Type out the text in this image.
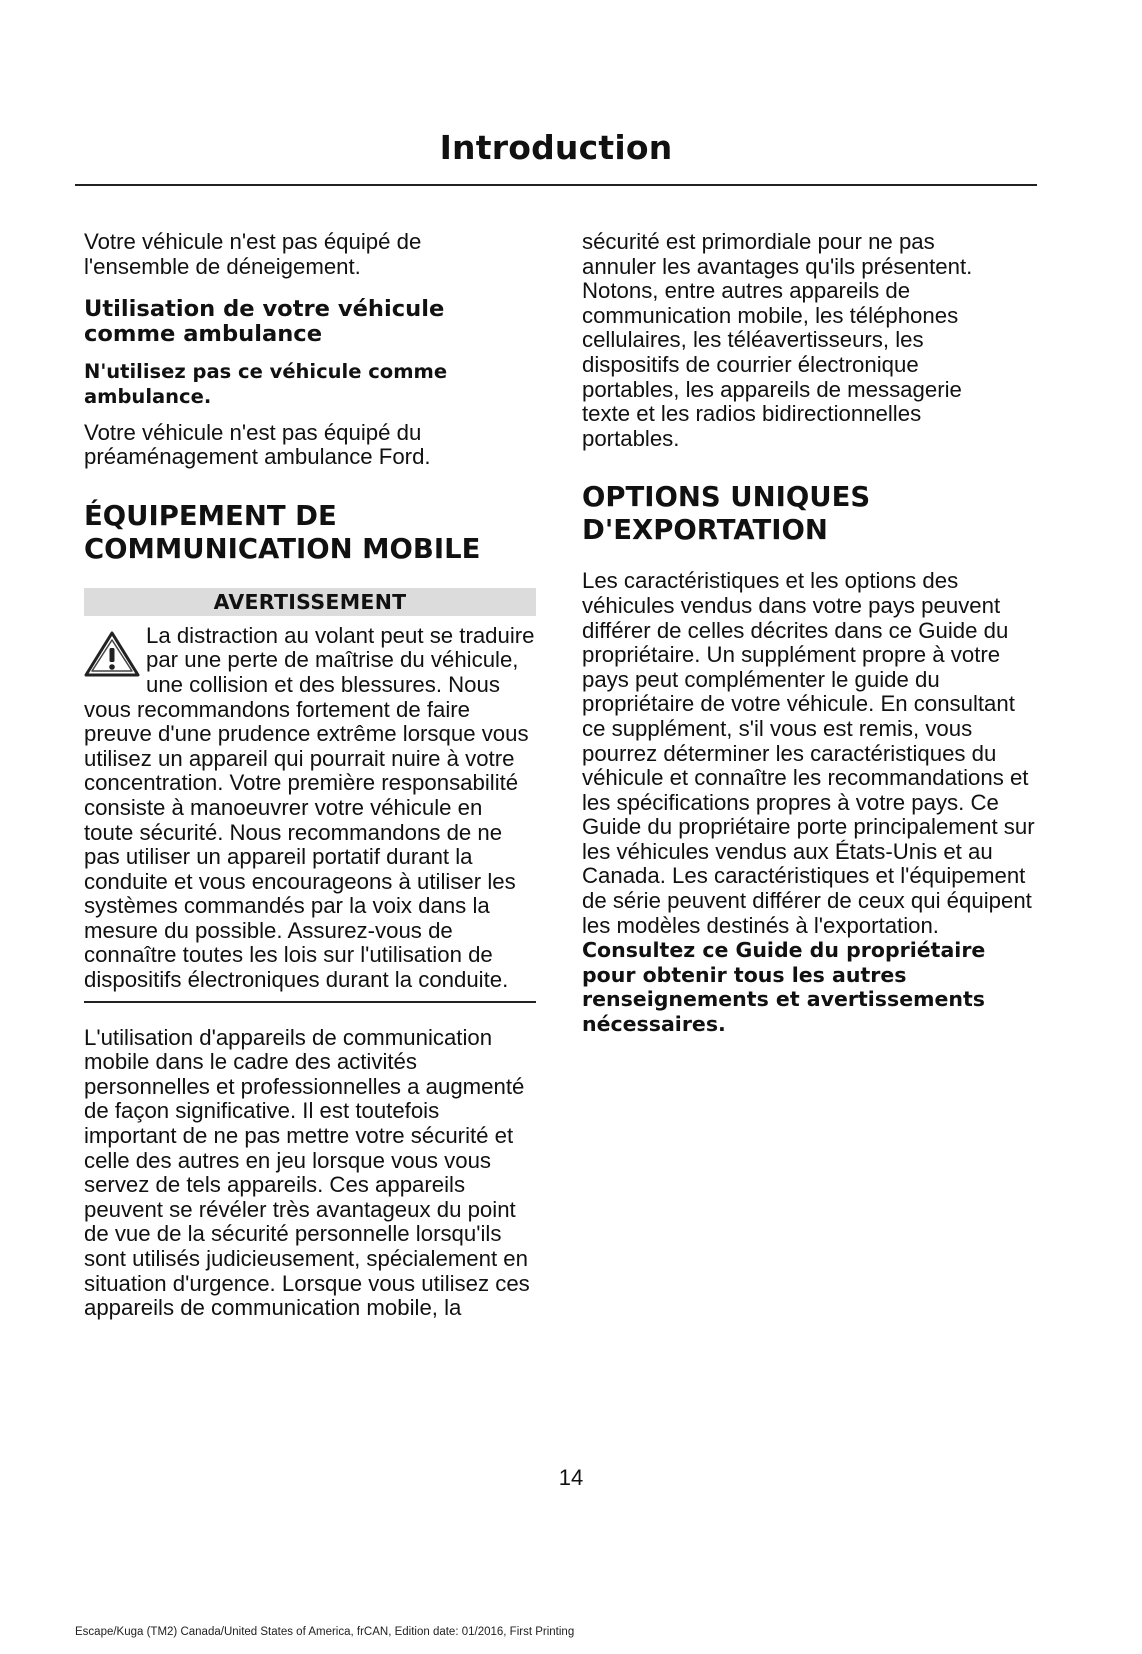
Introduction

Votre véhicule n'est pas équipé de l'ensemble de déneigement.

Utilisation de votre véhicule comme ambulance

N'utilisez pas ce véhicule comme ambulance.

Votre véhicule n'est pas équipé du préaménagement ambulance Ford.

ÉQUIPEMENT DE COMMUNICATION MOBILE

AVERTISSEMENT
La distraction au volant peut se traduire par une perte de maîtrise du véhicule, une collision et des blessures. Nous vous recommandons fortement de faire preuve d'une prudence extrême lorsque vous utilisez un appareil qui pourrait nuire à votre concentration. Votre première responsabilité consiste à manoeuvrer votre véhicule en toute sécurité. Nous recommandons de ne pas utiliser un appareil portatif durant la conduite et vous encourageons à utiliser les systèmes commandés par la voix dans la mesure du possible. Assurez-vous de connaître toutes les lois sur l'utilisation de dispositifs électroniques durant la conduite.

L'utilisation d'appareils de communication mobile dans le cadre des activités personnelles et professionnelles a augmenté de façon significative. Il est toutefois important de ne pas mettre votre sécurité et celle des autres en jeu lorsque vous vous servez de tels appareils. Ces appareils peuvent se révéler très avantageux du point de vue de la sécurité personnelle lorsqu'ils sont utilisés judicieusement, spécialement en situation d'urgence. Lorsque vous utilisez ces appareils de communication mobile, la

sécurité est primordiale pour ne pas annuler les avantages qu'ils présentent. Notons, entre autres appareils de communication mobile, les téléphones cellulaires, les téléavertisseurs, les dispositifs de courrier électronique portables, les appareils de messagerie texte et les radios bidirectionnelles portables.

OPTIONS UNIQUES D'EXPORTATION

Les caractéristiques et les options des véhicules vendus dans votre pays peuvent différer de celles décrites dans ce Guide du propriétaire. Un supplément propre à votre pays peut complémenter le guide du propriétaire de votre véhicule. En consultant ce supplément, s'il vous est remis, vous pourrez déterminer les caractéristiques du véhicule et connaître les recommandations et les spécifications propres à votre pays. Ce Guide du propriétaire porte principalement sur les véhicules vendus aux États-Unis et au Canada. Les caractéristiques et l'équipement de série peuvent différer de ceux qui équipent les modèles destinés à l'exportation. Consultez ce Guide du propriétaire pour obtenir tous les autres renseignements et avertissements nécessaires.

14
Escape/Kuga (TM2) Canada/United States of America, frCAN, Edition date: 01/2016, First Printing
